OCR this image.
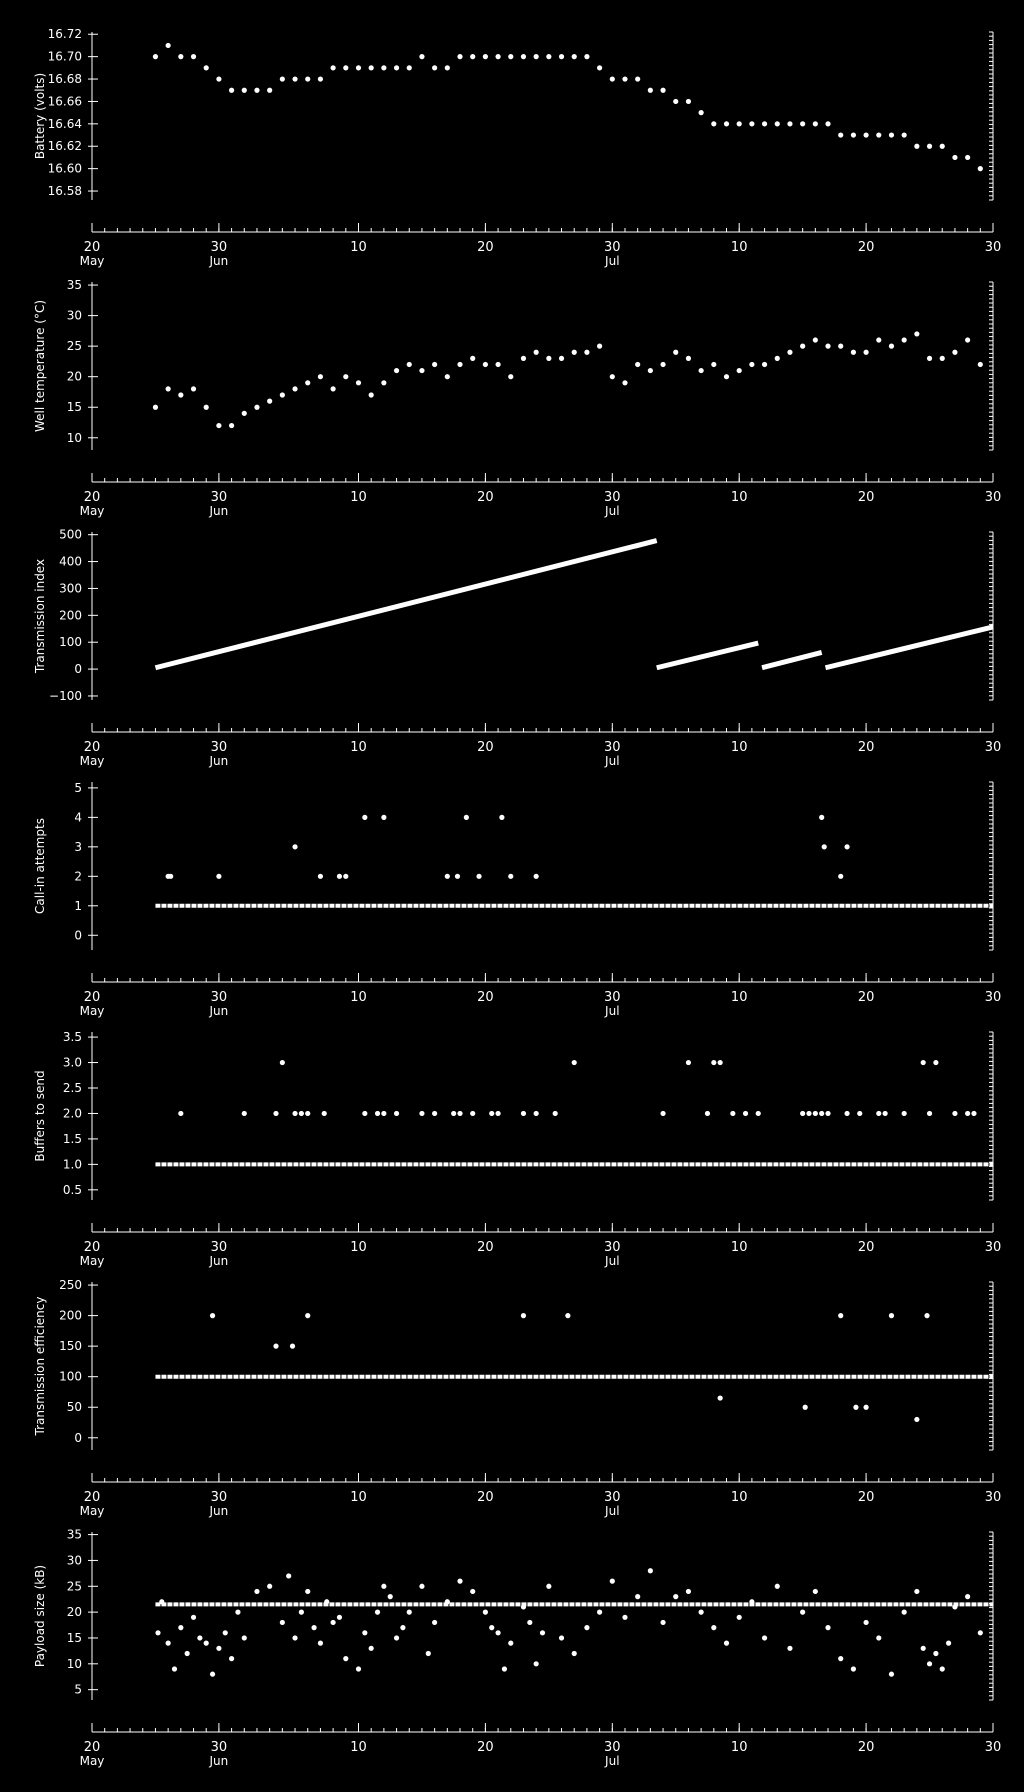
16.72
16.70
16.68
16.66
16.64
16.62
16.60
16.58
Battery (volts)
20
May
30
Jun
10	20	30
Jul
10	20	30
35
30
25
20
15
10
Well temperature (°C)
20
May
30
Jun
10	20	30
Jul
10	20	30
500
400
300
200
100
0
−100
Transmission index
20
May
30
Jun
10	20	30
Jul
10	20	30
5
4
3
2
1
0
Call-in attempts
20
May
30
Jun
10	20	30
Jul
10	20	30
3.5
3.0
2.5
2.0
1.5
1.0
0.5
Buffers to send
20
May
30
Jun
10	20	30
Jul
10	20	30
250
200
150
100
50
0
Transmission efficiency
20
May
30
Jun
10	20	30
Jul
10	20	30
35
30
25
20
15
10
5
Payload size (kB)
20
May
30
Jun
10	20	30
Jul
10	20	30
